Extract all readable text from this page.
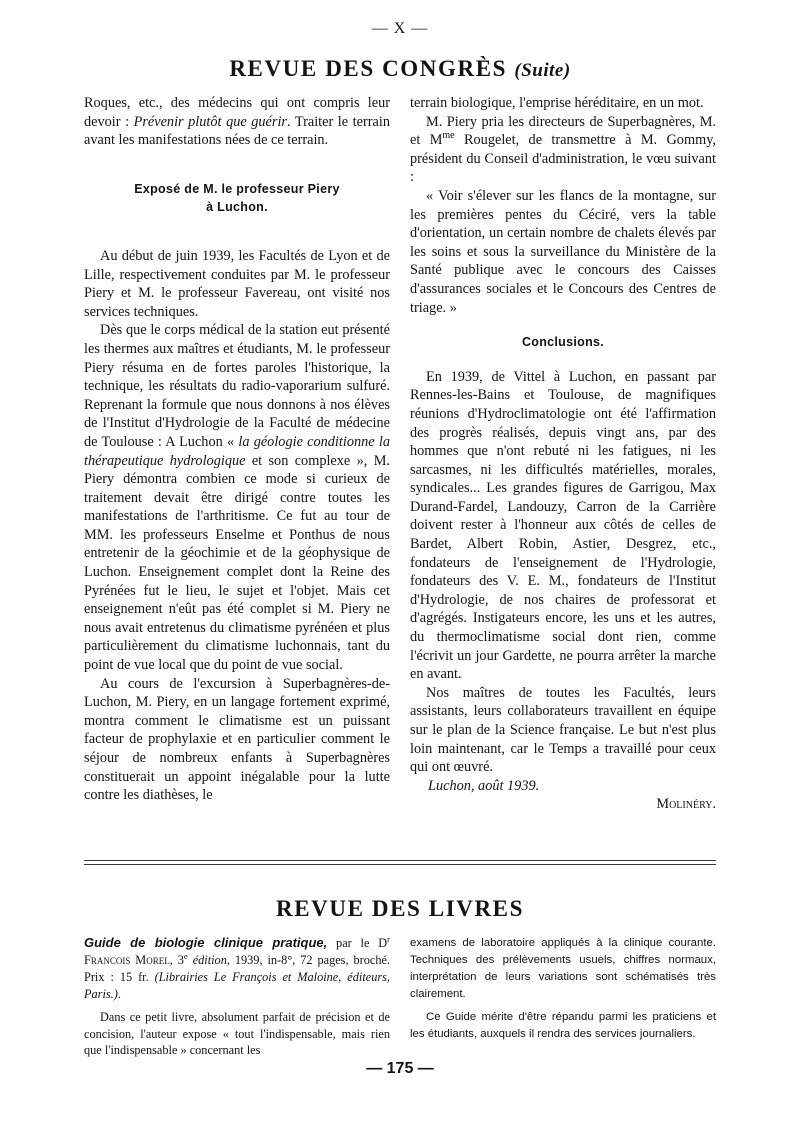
— X —
REVUE DES CONGRÈS (Suite)

Roques, etc., des médecins qui ont compris leur devoir : Prévenir plutôt que guérir. Traiter le terrain avant les manifestations nées de ce terrain.

Exposé de M. le professeur Piery
à Luchon.

Au début de juin 1939, les Facultés de Lyon et de Lille, respectivement conduites par M. le professeur Piery et M. le professeur Favereau, ont visité nos services techniques.

Dès que le corps médical de la station eut présenté les thermes aux maîtres et étudiants, M. le professeur Piery résuma en de fortes paroles l'historique, la technique, les résultats du radio-vaporarium sulfuré. Reprenant la formule que nous donnons à nos élèves de l'Institut d'Hydrologie de la Faculté de médecine de Toulouse : A Luchon « la géologie conditionne la thérapeutique hydrologique et son complexe », M. Piery démontra combien ce mode si curieux de traitement devait être dirigé contre toutes les manifestations de l'arthritisme. Ce fut au tour de MM. les professeurs Enselme et Ponthus de nous entretenir de la géochimie et de la géophysique de Luchon. Enseignement complet dont la Reine des Pyrénées fut le lieu, le sujet et l'objet. Mais cet enseignement n'eût pas été complet si M. Piery ne nous avait entretenus du climatisme pyrénéen et plus particulièrement du climatisme luchonnais, tant du point de vue local que du point de vue social.

Au cours de l'excursion à Superbagnères-de-Luchon, M. Piery, en un langage fortement exprimé, montra comment le climatisme est un puissant facteur de prophylaxie et en particulier comment le séjour de nombreux enfants à Superbagnères constituerait un appoint inégalable pour la lutte contre les diathèses, le

terrain biologique, l'emprise héréditaire, en un mot.

M. Piery pria les directeurs de Superbagnères, M. et $M^{me}$ Rougelet, de transmettre à M. Gommy, président du Conseil d'administration, le vœu suivant :

« Voir s'élever sur les flancs de la montagne, sur les premières pentes du Céciré, vers la table d'orientation, un certain nombre de chalets élevés par les soins et sous la surveillance du Ministère de la Santé publique avec le concours des Caisses d'assurances sociales et le Concours des Centres de triage. »

Conclusions.

En 1939, de Vittel à Luchon, en passant par Rennes-les-Bains et Toulouse, de magnifiques réunions d'Hydroclimatologie ont été l'affirmation des progrès réalisés, depuis vingt ans, par des hommes que n'ont rebuté ni les fatigues, ni les sarcasmes, ni les difficultés matérielles, morales, syndicales... Les grandes figures de Garrigou, Max Durand-Fardel, Landouzy, Carron de la Carrière doivent rester à l'honneur aux côtés de celles de Bardet, Albert Robin, Astier, Desgrez, etc., fondateurs de l'enseignement de l'Hydrologie, fondateurs des V. E. M., fondateurs de l'Institut d'Hydrologie, de nos chaires de professorat et d'agrégés. Instigateurs encore, les uns et les autres, du thermoclimatisme social dont rien, comme l'écrivit un jour Gardette, ne pourra arrêter la marche en avant.

Nos maîtres de toutes les Facultés, leurs assistants, leurs collaborateurs travaillent en équipe sur le plan de la Science française. Le but n'est plus loin maintenant, car le Temps a travaillé pour ceux qui ont œuvré.

Luchon, août 1939.

Molinéry.

REVUE DES LIVRES

Guide de biologie clinique pratique, par le $D^r$ Francois Morel, 3e édition, 1939, in-8°, 72 pages, broché. Prix : 15 fr. (Librairies Le François et Maloine, éditeurs, Paris.).

Dans ce petit livre, absolument parfait de précision et de concision, l'auteur expose « tout l'indispensable, mais rien que l'indispensable » concernant les

examens de laboratoire appliqués à la clinique courante. Techniques des prélèvements usuels, chiffres normaux, interprétation de leurs variations sont schématisés très clairement.

Ce Guide mérite d'être répandu parmi les praticiens et les étudiants, auxquels il rendra des services journaliers.

— 175 —
